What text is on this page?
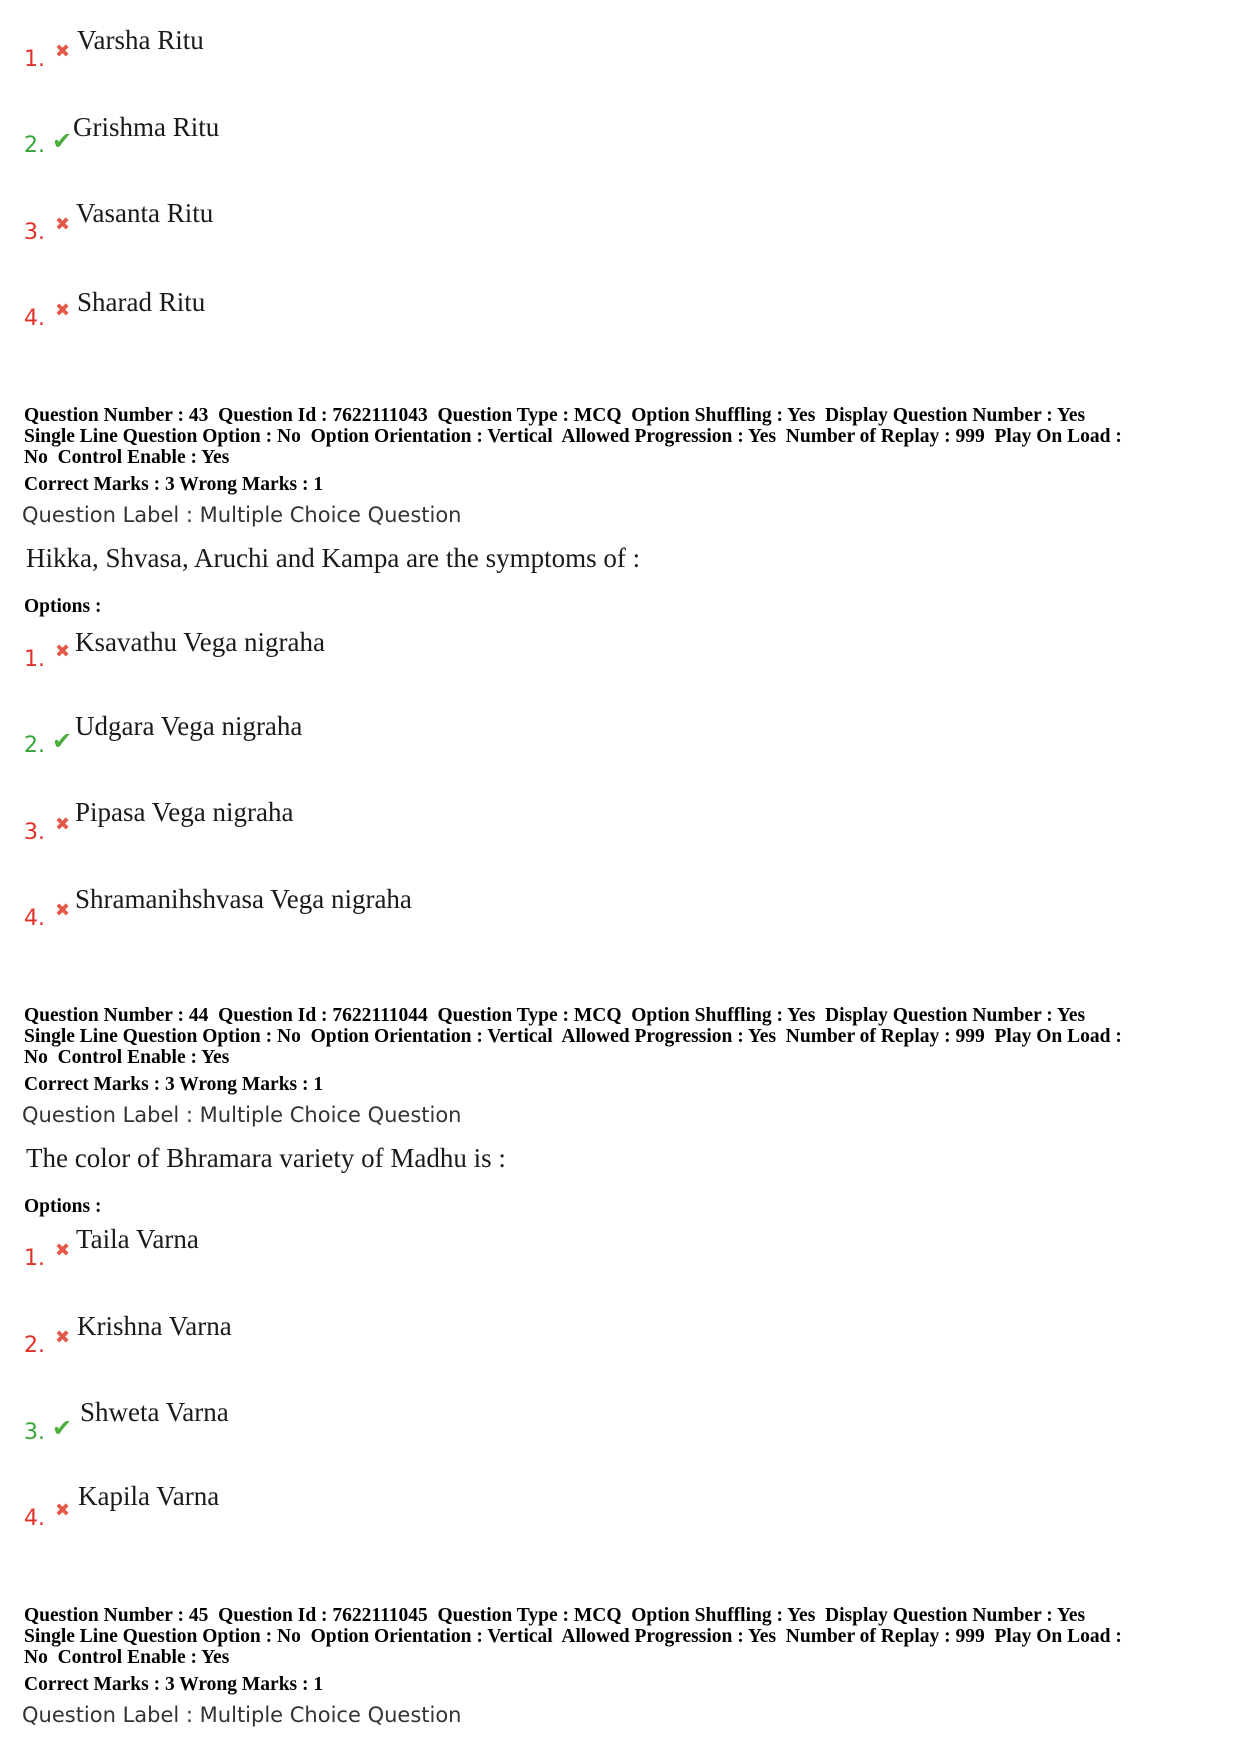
1. ✖ Varsha Ritu
2. ✔ Grishma Ritu
3. ✖ Vasanta Ritu
4. ✖ Sharad Ritu
Question Number : 43  Question Id : 7622111043  Question Type : MCQ  Option Shuffling : Yes  Display Question Number : Yes
Single Line Question Option : No  Option Orientation : Vertical  Allowed Progression : Yes  Number of Replay : 999  Play On Load :
No  Control Enable : Yes
Correct Marks : 3 Wrong Marks : 1
Question Label : Multiple Choice Question
Hikka, Shvasa, Aruchi and Kampa are the symptoms of :
Options :
1. ✖ Ksavathu Vega nigraha
2. ✔ Udgara Vega nigraha
3. ✖ Pipasa Vega nigraha
4. ✖ Shramanihshvasa Vega nigraha
Question Number : 44  Question Id : 7622111044  Question Type : MCQ  Option Shuffling : Yes  Display Question Number : Yes
Single Line Question Option : No  Option Orientation : Vertical  Allowed Progression : Yes  Number of Replay : 999  Play On Load :
No  Control Enable : Yes
Correct Marks : 3 Wrong Marks : 1
Question Label : Multiple Choice Question
The color of Bhramara variety of Madhu is :
Options :
1. ✖ Taila Varna
2. ✖ Krishna Varna
3. ✔
Shweta Varna
4. ✖ Kapila Varna
Question Number : 45  Question Id : 7622111045  Question Type : MCQ  Option Shuffling : Yes  Display Question Number : Yes
Single Line Question Option : No  Option Orientation : Vertical  Allowed Progression : Yes  Number of Replay : 999  Play On Load :
No  Control Enable : Yes
Correct Marks : 3 Wrong Marks : 1
Question Label : Multiple Choice Question
